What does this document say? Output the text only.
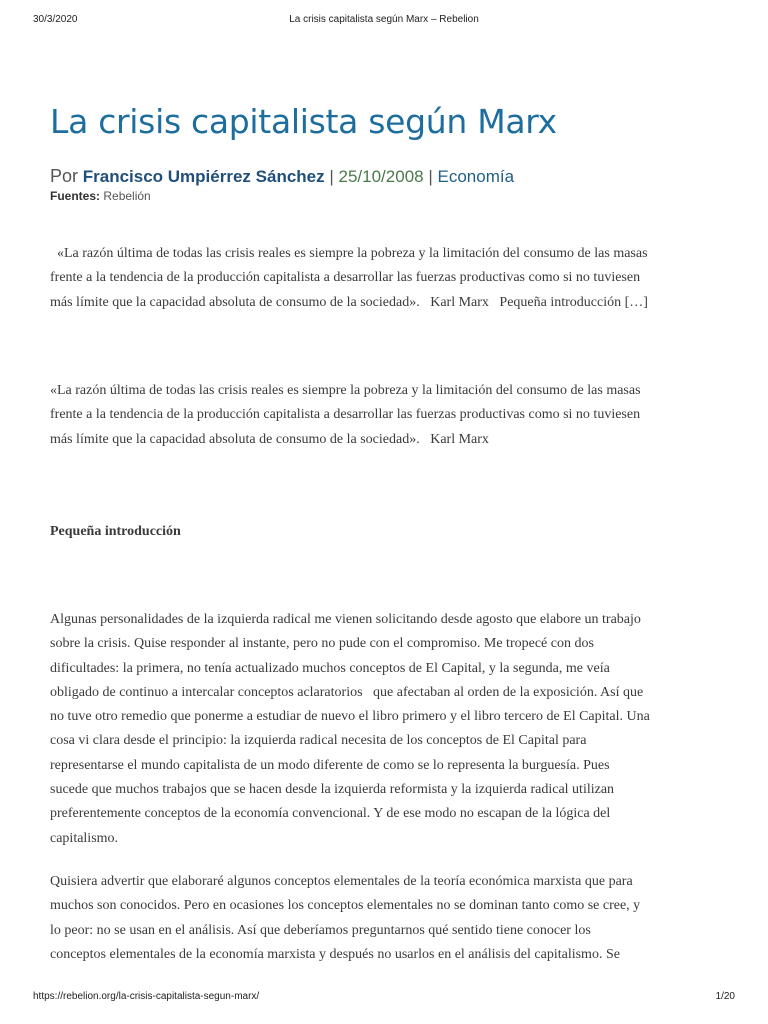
30/3/2020	La crisis capitalista según Marx – Rebelion
La crisis capitalista según Marx
Por Francisco Umpiérrez Sánchez | 25/10/2008 | Economía
Fuentes: Rebelión

«La razón última de todas las crisis reales es siempre la pobreza y la limitación del consumo de las masas
frente a la tendencia de la producción capitalista a desarrollar las fuerzas productivas como si no tuviesen
más límite que la capacidad absoluta de consumo de la sociedad».   Karl Marx   Pequeña introducción […]

«La razón última de todas las crisis reales es siempre la pobreza y la limitación del consumo de las masas
frente a la tendencia de la producción capitalista a desarrollar las fuerzas productivas como si no tuviesen
más límite que la capacidad absoluta de consumo de la sociedad».   Karl Marx

Pequeña introducción

Algunas personalidades de la izquierda radical me vienen solicitando desde agosto que elabore un trabajo
sobre la crisis. Quise responder al instante, pero no pude con el compromiso. Me tropecé con dos
dificultades: la primera, no tenía actualizado muchos conceptos de El Capital, y la segunda, me veía
obligado de continuo a intercalar conceptos aclaratorios   que afectaban al orden de la exposición. Así que
no tuve otro remedio que ponerme a estudiar de nuevo el libro primero y el libro tercero de El Capital. Una
cosa vi clara desde el principio: la izquierda radical necesita de los conceptos de El Capital para
representarse el mundo capitalista de un modo diferente de como se lo representa la burguesía. Pues
sucede que muchos trabajos que se hacen desde la izquierda reformista y la izquierda radical utilizan
preferentemente conceptos de la economía convencional. Y de ese modo no escapan de la lógica del
capitalismo.

Quisiera advertir que elaboraré algunos conceptos elementales de la teoría económica marxista que para
muchos son conocidos. Pero en ocasiones los conceptos elementales no se dominan tanto como se cree, y
lo peor: no se usan en el análisis. Así que deberíamos preguntarnos qué sentido tiene conocer los
conceptos elementales de la economía marxista y después no usarlos en el análisis del capitalismo. Se

https://rebelion.org/la-crisis-capitalista-segun-marx/	1/20
